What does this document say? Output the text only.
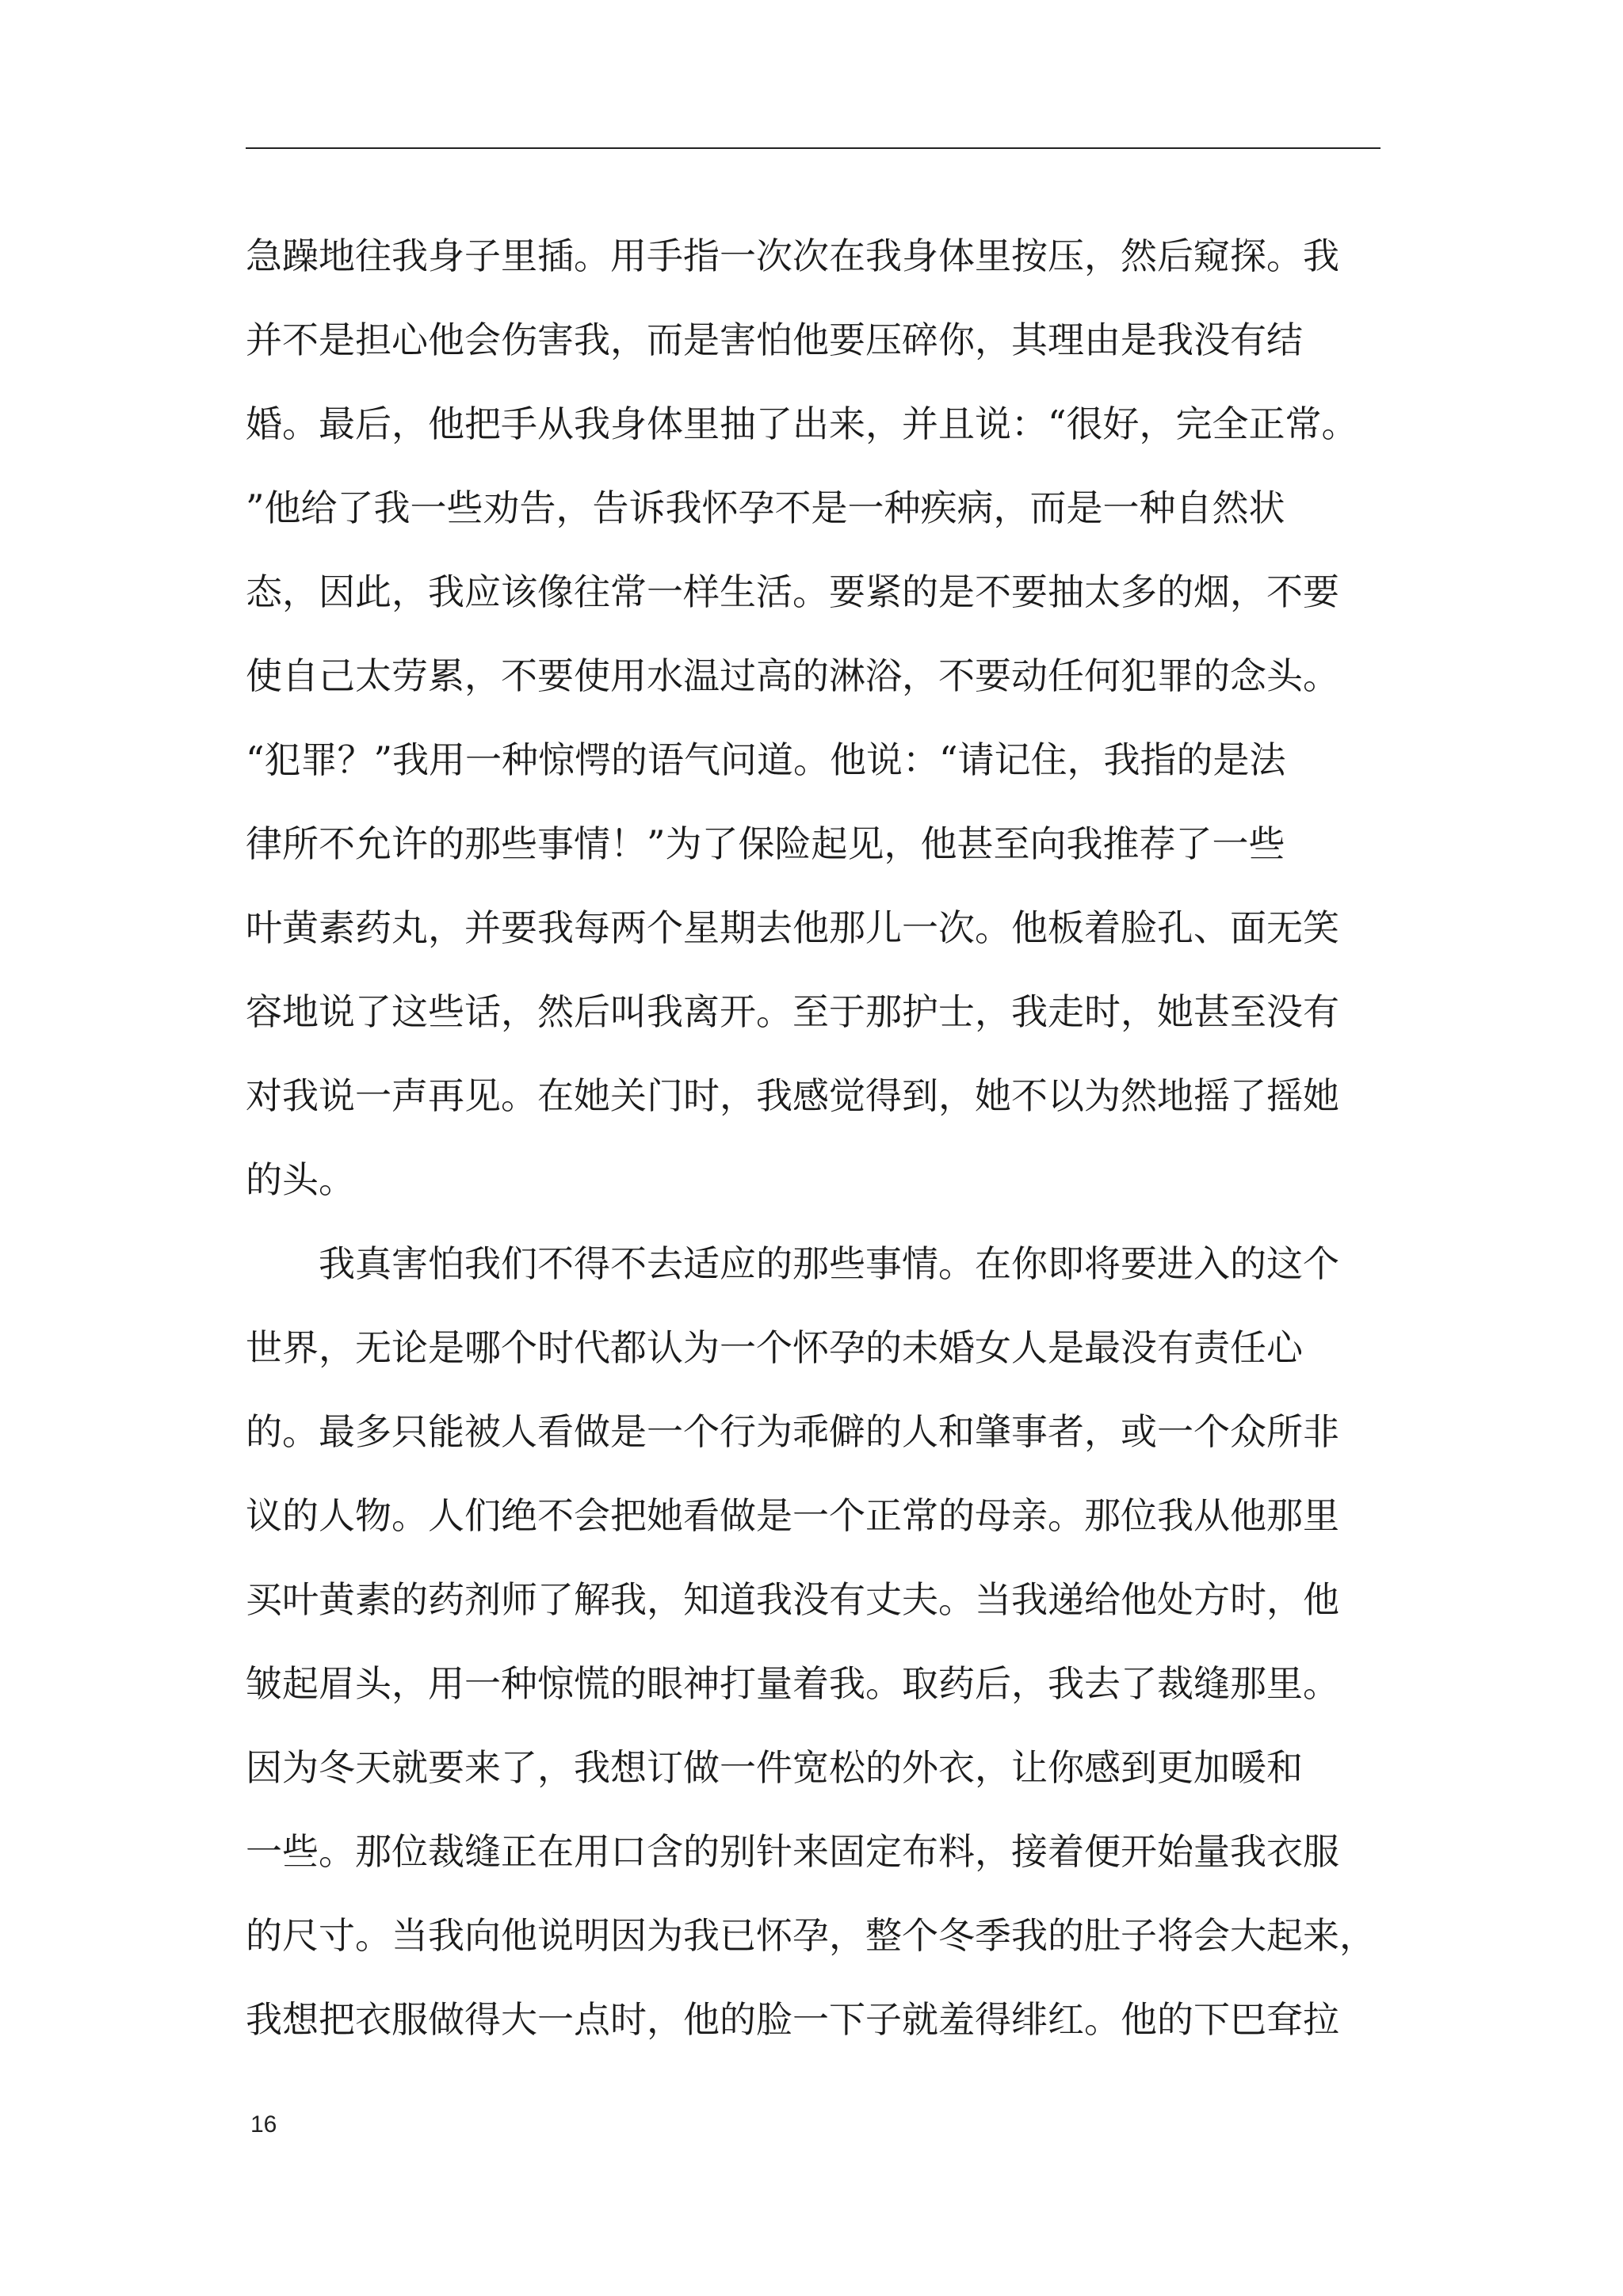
急躁地往我身子里插。用手指一次次在我身体里按压，然后窥探。我
并不是担心他会伤害我，而是害怕他要压碎你，其理由是我没有结
婚。最后，他把手从我身体里抽了出来，并且说：“很好，完全正常。
”他给了我一些劝告，告诉我怀孕不是一种疾病，而是一种自然状
态，因此，我应该像往常一样生活。要紧的是不要抽太多的烟，不要
使自己太劳累，不要使用水温过高的淋浴，不要动任何犯罪的念头。
“犯罪？”我用一种惊愕的语气问道。他说：“请记住，我指的是法
律所不允许的那些事情！”为了保险起见，他甚至向我推荐了一些
叶黄素药丸，并要我每两个星期去他那儿一次。他板着脸孔、面无笑
容地说了这些话，然后叫我离开。至于那护士，我走时，她甚至没有
对我说一声再见。在她关门时，我感觉得到，她不以为然地摇了摇她
的头。
　　我真害怕我们不得不去适应的那些事情。在你即将要进入的这个
世界，无论是哪个时代都认为一个怀孕的未婚女人是最没有责任心
的。最多只能被人看做是一个行为乖僻的人和肇事者，或一个众所非
议的人物。人们绝不会把她看做是一个正常的母亲。那位我从他那里
买叶黄素的药剂师了解我，知道我没有丈夫。当我递给他处方时，他
皱起眉头，用一种惊慌的眼神打量着我。取药后，我去了裁缝那里。
因为冬天就要来了，我想订做一件宽松的外衣，让你感到更加暖和
一些。那位裁缝正在用口含的别针来固定布料，接着便开始量我衣服
的尺寸。当我向他说明因为我已怀孕，整个冬季我的肚子将会大起来，
我想把衣服做得大一点时，他的脸一下子就羞得绯红。他的下巴耷拉
16
